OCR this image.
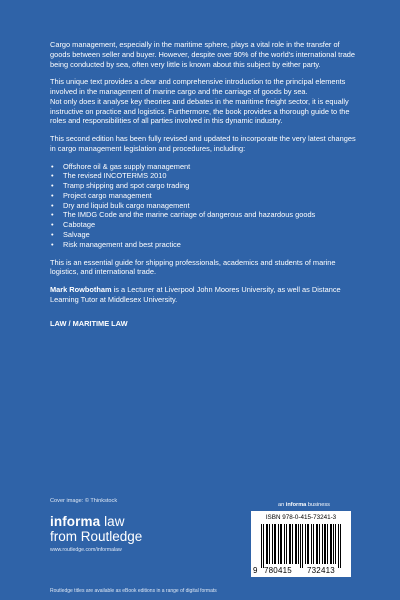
Cargo management, especially in the maritime sphere, plays a vital role in the transfer of goods between seller and buyer. However, despite over 90% of the world's international trade being conducted by sea, often very little is known about this subject by either party.

This unique text provides a clear and comprehensive introduction to the principal elements involved in the management of marine cargo and the carriage of goods by sea.
Not only does it analyse key theories and debates in the maritime freight sector, it is equally instructive on practice and logistics. Furthermore, the book provides a thorough guide to the roles and responsibilities of all parties involved in this dynamic industry.

This second edition has been fully revised and updated to incorporate the very latest changes in cargo management legislation and procedures, including:

• Offshore oil & gas supply management
• The revised INCOTERMS 2010
• Tramp shipping and spot cargo trading
• Project cargo management
• Dry and liquid bulk cargo management
• The IMDG Code and the marine carriage of dangerous and hazardous goods
• Cabotage
• Salvage
• Risk management and best practice

This is an essential guide for shipping professionals, academics and students of marine logistics, and international trade.

Mark Rowbotham is a Lecturer at Liverpool John Moores University, as well as Distance Learning Tutor at Middlesex University.

LAW / MARITIME LAW

Cover image: © Thinkstock
informa law
from Routledge
www.routledge.com/informalaw
an informa business
ISBN 978-0-415-73241-3
9 780415 732413
Routledge titles are available as eBook editions in a range of digital formats
